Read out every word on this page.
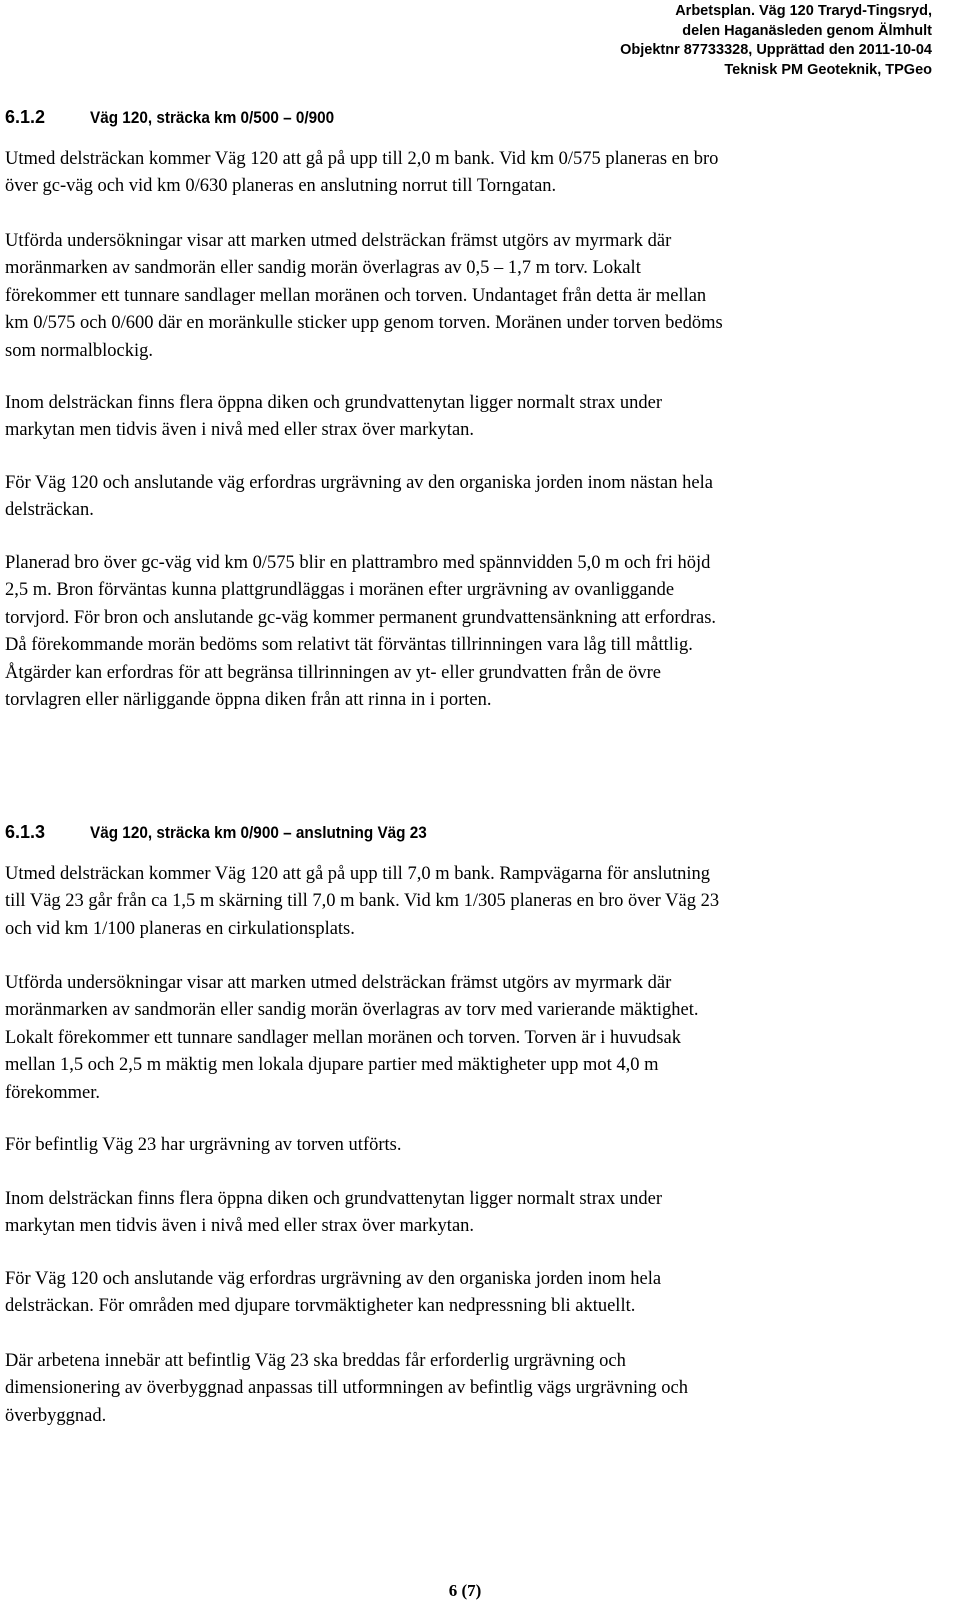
Arbetsplan. Väg 120 Traryd-Tingsryd,
delen Haganäsleden genom Älmhult
Objektnr 87733328, Upprättad den 2011-10-04
Teknisk PM Geoteknik, TPGeo
6.1.2	Väg 120, sträcka km 0/500 – 0/900

Utmed delsträckan kommer Väg 120 att gå på upp till 2,0 m bank. Vid km 0/575 planeras en bro
över gc-väg och vid km 0/630 planeras en anslutning norrut till Torngatan.

Utförda undersökningar visar att marken utmed delsträckan främst utgörs av myrmark där
moränmarken av sandmorän eller sandig morän överlagras av 0,5 – 1,7 m torv. Lokalt
förekommer ett tunnare sandlager mellan moränen och torven. Undantaget från detta är mellan
km 0/575 och 0/600 där en moränkulle sticker upp genom torven. Moränen under torven bedöms
som normalblockig.

Inom delsträckan finns flera öppna diken och grundvattenytan ligger normalt strax under
markytan men tidvis även i nivå med eller strax över markytan.

För Väg 120 och anslutande väg erfordras urgrävning av den organiska jorden inom nästan hela
delsträckan.

Planerad bro över gc-väg vid km 0/575 blir en plattrambro med spännvidden 5,0 m och fri höjd
2,5 m. Bron förväntas kunna plattgrundläggas i moränen efter urgrävning av ovanliggande
torvjord. För bron och anslutande gc-väg kommer permanent grundvattensänkning att erfordras.
Då förekommande morän bedöms som relativt tät förväntas tillrinningen vara låg till måttlig.
Åtgärder kan erfordras för att begränsa tillrinningen av yt- eller grundvatten från de övre
torvlagren eller närliggande öppna diken från att rinna in i porten.

6.1.3	Väg 120, sträcka km 0/900 – anslutning Väg 23

Utmed delsträckan kommer Väg 120 att gå på upp till 7,0 m bank. Rampvägarna för anslutning
till Väg 23 går från ca 1,5 m skärning till 7,0 m bank. Vid km 1/305 planeras en bro över Väg 23
och vid km 1/100 planeras en cirkulationsplats.

Utförda undersökningar visar att marken utmed delsträckan främst utgörs av myrmark där
moränmarken av sandmorän eller sandig morän överlagras av torv med varierande mäktighet.
Lokalt förekommer ett tunnare sandlager mellan moränen och torven. Torven är i huvudsak
mellan 1,5 och 2,5 m mäktig men lokala djupare partier med mäktigheter upp mot 4,0 m
förekommer.

För befintlig Väg 23 har urgrävning av torven utförts.

Inom delsträckan finns flera öppna diken och grundvattenytan ligger normalt strax under
markytan men tidvis även i nivå med eller strax över markytan.

För Väg 120 och anslutande väg erfordras urgrävning av den organiska jorden inom hela
delsträckan. För områden med djupare torvmäktigheter kan nedpressning bli aktuellt.

Där arbetena innebär att befintlig Väg 23 ska breddas får erforderlig urgrävning och
dimensionering av överbyggnad anpassas till utformningen av befintlig vägs urgrävning och
överbyggnad.

6 (7)
